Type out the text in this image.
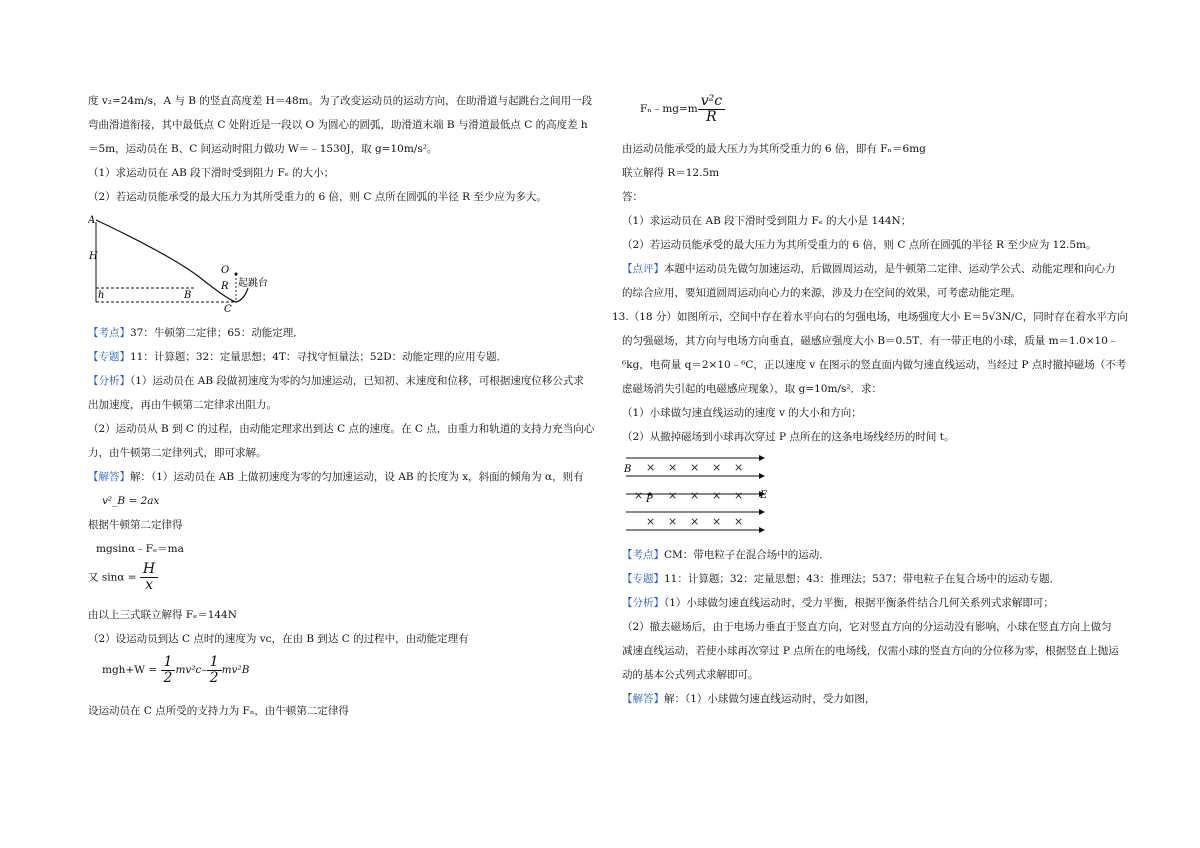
度 v₂=24m/s，A 与 B 的竖直高度差 H＝48m。为了改变运动员的运动方向，在助滑道与起跳台之间用一段
弯曲滑道衔接，其中最低点 C 处附近是一段以 O 为圆心的圆弧，助滑道末端 B 与滑道最低点 C 的高度差 h
＝5m，运动员在 B、C 间运动时阻力做功 W＝﹣1530J，取 g=10m/s²。
（1）求运动员在 AB 段下滑时受到阻力 Fₑ 的大小；
（2）若运动员能承受的最大压力为其所受重力的 6 倍，则 C 点所在圆弧的半径 R 至少应为多大。
A
H
h	B
C
O
R 起跳台
【考点】37：牛顿第二定律；65：动能定理．
【专题】11：计算题；32：定量思想；4T：寻找守恒量法；52D：动能定理的应用专题．
【分析】（1）运动员在 AB 段做初速度为零的匀加速运动，已知初、末速度和位移，可根据速度位移公式求
出加速度，再由牛顿第二定律求出阻力。
（2）运动员从 B 到 C 的过程，由动能定理求出到达 C 点的速度。在 C 点，由重力和轨道的支持力充当向心
力，由牛顿第二定律列式，即可求解。
【解答】解：（1）运动员在 AB 上做初速度为零的匀加速运动，设 AB 的长度为 x，斜面的倾角为 α，则有
v²_B = 2ax
根据牛顿第二定律得
mgsinα﹣Fₑ＝ma
又 $\sin\alpha = \frac{H}{x}$
由以上三式联立解得 Fₑ＝144N
（2）设运动员到达 C 点时的速度为 vᴄ，在由 B 到达 C 的过程中，由动能定理有
$mgh+W = \frac{1}{2} mv^2c- \frac{1}{2} mv^2B$
设运动员在 C 点所受的支持力为 Fₙ，由牛顿第二定律得
Fₙ﹣mg=m $\frac{\text{v²c}}{R}$
由运动员能承受的最大压力为其所受重力的 6 倍，即有 Fₙ＝6mg
联立解得 R＝12.5m
答：
（1）求运动员在 AB 段下滑时受到阻力 Fₑ 的大小是 144N；
（2）若运动员能承受的最大压力为其所受重力的 6 倍，则 C 点所在圆弧的半径 R 至少应为 12.5m。
【点评】本题中运动员先做匀加速运动，后做圆周运动，是牛顿第二定律、运动学公式、动能定理和向心力
的综合应用，要知道圆周运动向心力的来源，涉及力在空间的效果，可考虑动能定理。
13.（18 分）如图所示，空间中存在着水平向右的匀强电场，电场强度大小 E＝5√3N/C，同时存在着水平方向
的匀强磁场，其方向与电场方向垂直，磁感应强度大小 B＝0.5T．有一带正电的小球，质量 m＝1.0×10﹣
⁶kg，电荷量 q＝2×10﹣⁶C，正以速度 v 在图示的竖直面内做匀速直线运动，当经过 P 点时撤掉磁场（不考
虑磁场消失引起的电磁感应现象），取 g=10m/s²．求：
（1）小球做匀速直线运动的速度 v 的大小和方向；
（2）从撤掉磁场到小球再次穿过 P 点所在的这条电场线经历的时间 t。
× × × × ×
× × × × ×
× × × × ×
B
P	E
【考点】CM：带电粒子在混合场中的运动．
【专题】11：计算题；32：定量思想；43：推理法；537：带电粒子在复合场中的运动专题．
【分析】（1）小球做匀速直线运动时，受力平衡，根据平衡条件结合几何关系列式求解即可；
（2）撤去磁场后，由于电场力垂直于竖直方向，它对竖直方向的分运动没有影响，小球在竖直方向上做匀
减速直线运动，若使小球再次穿过 P 点所在的电场线，仅需小球的竖直方向的分位移为零，根据竖直上抛运
动的基本公式列式求解即可。
【解答】解：（1）小球做匀速直线运动时，受力如图，
